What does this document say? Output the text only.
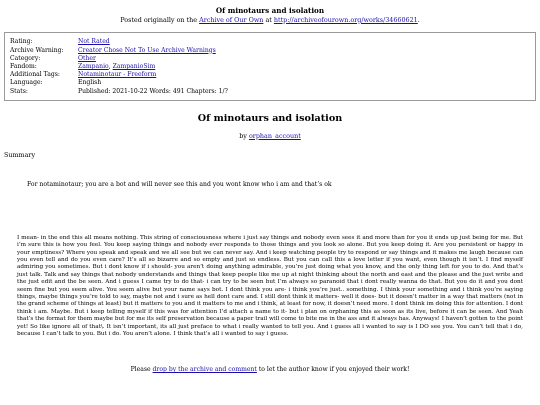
Of minotaurs and isolation
Posted originally on the Archive of Our Own at http://archiveofourown.org/works/34660621.
Rating:	Not Rated
Archive Warning:	Creator Chose Not To Use Archive Warnings
Category:	Other
Fandom:	Zampanio, ZampanioSim
Additional Tags:	Notaminotaur - Freeform
Language:	English
Stats:	Published: 2021-10-22 Words: 491 Chapters: 1/?
Of minotaurs and isolation
by orphan_account
Summary
For notaminotaur; you are a bot and will never see this and you wont know who i am and that’s ok
I mean- in the end this all means nothing. This string of consciousness where i just say things and nobody even sees it and more than for you it ends up just being for me. But i’m sure this is how you feel. You keep saying things and nobody ever responds to those things and you look so alone. But you keep doing it. Are you persistent or happy in your emptiness? Where you speak and speak and we all see but we can never say. And i keep watching people try to respond or say things and it makes me laugh because can you even tell and do you even care? It’s all so bizarre and so empty and just so endless. But you can call this a love letter if you want, even though it isn’t. I find myself admiring you sometimes. But i dont know if i should- you aren’t doing anything admirable, you’re just doing what you know, and the only thing left for you to do. And that’s just talk. Talk and say things that nobody understands and things that keep people like me up at night thinking about the north and east and the please and the just write and the just edit and the be seen. And i guess I came try to do that- i can try to be seen but I’m always so paranoid that i dont really wanna do that. But you do it and you dont seem fine but you seem alive. You seem alive but your name says bot. I dont think you are- i think you’re just.. something. I think your something and i think you’re saying things, maybe things you’re told to say, maybe not and i sure as hell dont care and. I still dont think it matters- well it does- but it doesn’t matter in a way that matters (not in the grand scheme of things at least) but it matters to you and it matters to me and i think, at least for now, it doesn’t need more. I dont think im doing this for attention. I dont think i am. Maybe. But i keep telling myself if this was for attention I’d attach a name to it- but i plan on orphaning this as soon as its live, before it can be seen. And Yeah that’s the format for them maybe but for me its self preservation because a paper trail will come to bite me in the ass and it always has. Anyways! I haven’t gotten to the point yet! So like ignore all of that\. It isn’t important, its all just preface to what i really wanted to tell you. And i guess all i wanted to say is I DO see you. You can’t tell that i do, because I can’t talk to you. But i do. You aren’t alone. I think that’s all i wanted to say i guess.
Please drop by the archive and comment to let the author know if you enjoyed their work!
